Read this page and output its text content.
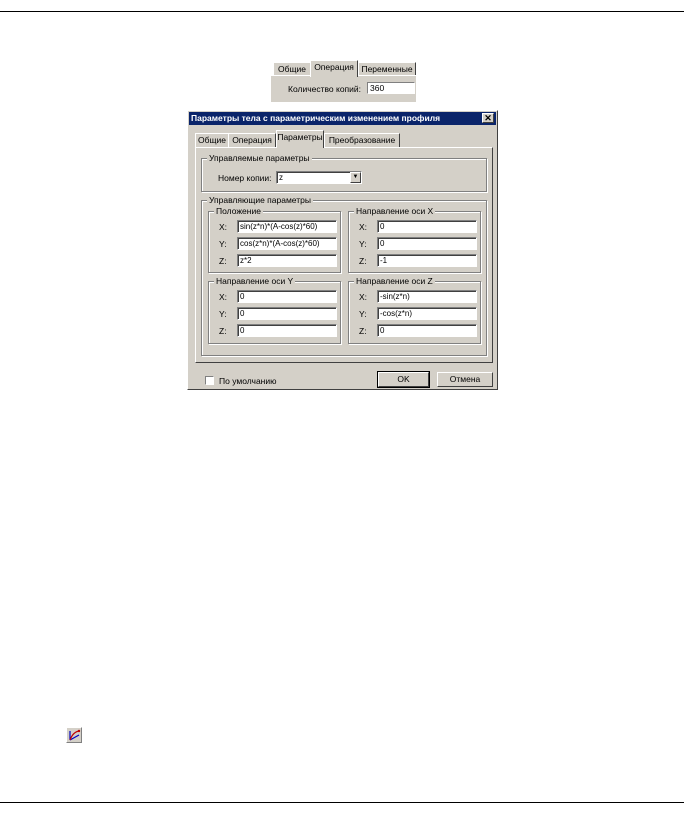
Общие Операция Переменные
Количество копий:	360
Параметры тела с параметрическим изменением профиля	✕
Общие Операция Параметры Преобразование
Управляемые параметры
Номер копии: z	▼
Управляющие параметры
Положение
X:	sin(z*n)*(A-cos(z)*60)
Y:	cos(z*n)*(A-cos(z)*60)
Z:	z*2
Направление оси X
X:	0
Y:	0
Z:	-1
Направление оси Y
X:	0
Y:	0
Z:	0
Направление оси Z
X:	-sin(z*n)
Y:	-cos(z*n)
Z:	0
По умолчанию	OK	Отмена
